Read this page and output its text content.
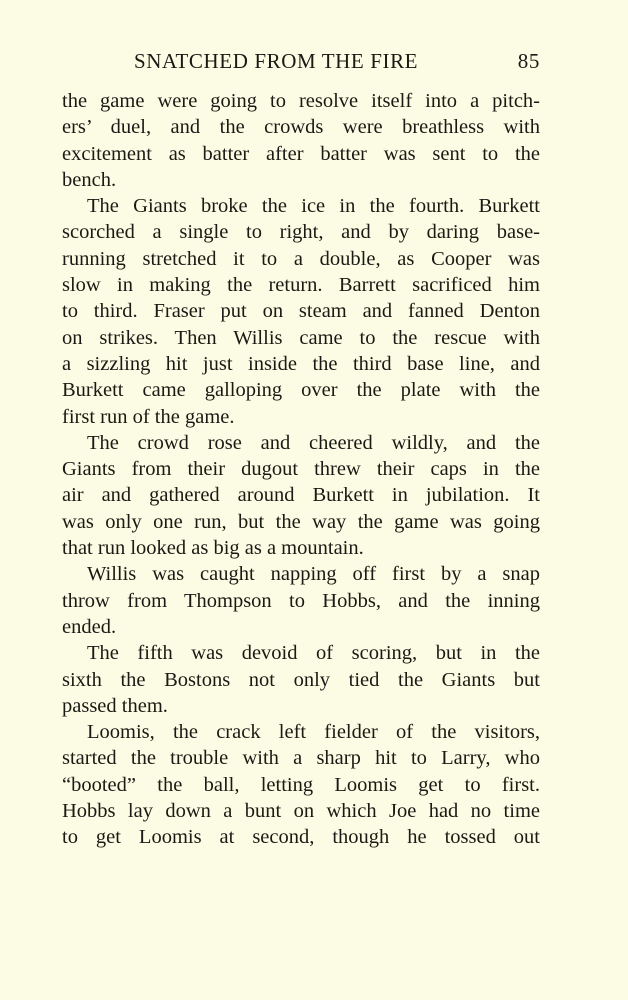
SNATCHED FROM THE FIRE	85
the game were going to resolve itself into a pitch-
ers’ duel, and the crowds were breathless with
excitement as batter after batter was sent to the
bench.
The Giants broke the ice in the fourth. Burkett
scorched a single to right, and by daring base-
running stretched it to a double, as Cooper was
slow in making the return. Barrett sacrificed him
to third. Fraser put on steam and fanned Denton
on strikes. Then Willis came to the rescue with
a sizzling hit just inside the third base line, and
Burkett came galloping over the plate with the
first run of the game.
The crowd rose and cheered wildly, and the
Giants from their dugout threw their caps in the
air and gathered around Burkett in jubilation. It
was only one run, but the way the game was going
that run looked as big as a mountain.
Willis was caught napping off first by a snap
throw from Thompson to Hobbs, and the inning
ended.
The fifth was devoid of scoring, but in the
sixth the Bostons not only tied the Giants but
passed them.
Loomis, the crack left fielder of the visitors,
started the trouble with a sharp hit to Larry, who
“booted” the ball, letting Loomis get to first.
Hobbs lay down a bunt on which Joe had no time
to get Loomis at second, though he tossed out
